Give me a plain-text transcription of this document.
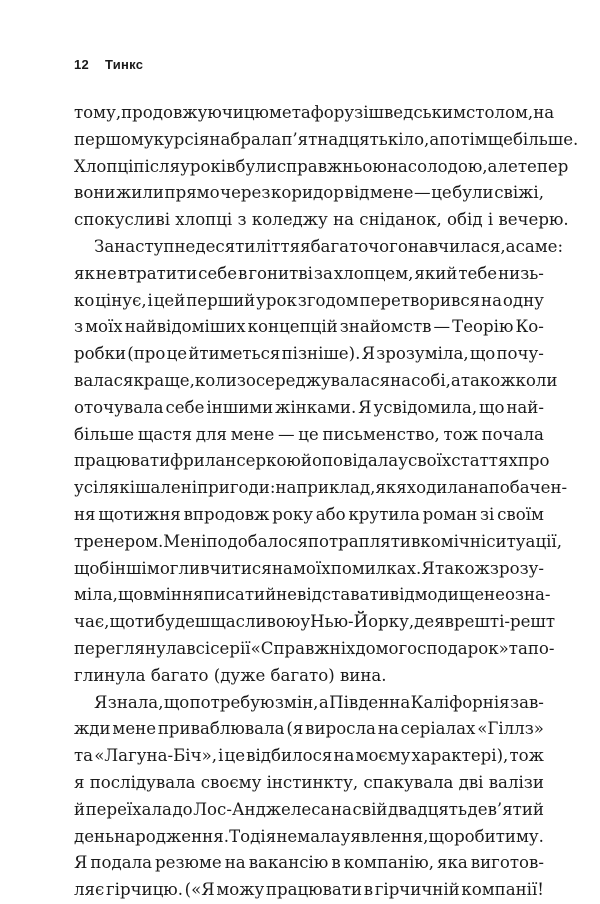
12 Тинкс
тому, продовжуючи цю метафору зі шведським столом, на
першому курсі я набрала п’ятнадцять кіло, а потім ще більше.
Хлопці після уроків були справжньою насолодою, але тепер
вони жили прямо через коридор від мене — це були свіжі,
спокусливі хлопці з коледжу на сніданок, обід і вечерю.
За наступне десятиліття я багато чого навчилася, а саме:
як не втратити себе в гонитві за хлопцем, який тебе низь-
ко цінує, і цей перший урок згодом перетворився на одну
з моїх найвідоміших концепцій знайомств — Теорію Ко-
робки (про це йтиметься пізніше). Я зрозуміла, що почу-
валася краще, коли зосереджувалася на собі, а також коли
оточувала себе іншими жінками. Я усвідомила, що най-
більше щастя для мене — це письменство, тож почала
працювати фрилансеркою й оповідала у своїх статтях про
усілякі шалені пригоди: наприклад, як я ходила на побачен-
ня щотижня впродовж року або крутила роман зі своїм
тренером. Мені подобалося потрапляти в комічні ситуації,
щоб інші могли вчитися на моїх помилках. Я також зрозу-
міла, що вміння писати й не відставати від моди ще не озна-
чає, що ти будеш щасливою у Нью-Йорку, де я врешті-решт
переглянула всі серії «Справжніх домогосподарок» та по-
глинула багато (дуже багато) вина.
Я знала, що потребую змін, а Південна Каліфорнія зав-
жди мене приваблювала (я виросла на серіалах «Гіллз»
та «Лагуна-Біч», і це відбилося на моєму характері), тож
я послідувала своєму інстинкту, спакувала дві валізи
й переїхала до Лос-Анджелеса на свій двадцять дев’ятий
день народження. Тоді я не мала уявлення, що робитиму.
Я подала резюме на вакансію в компанію, яка виготов-
ляє гірчицю. («Я можу працювати в гірчичній компанії!
